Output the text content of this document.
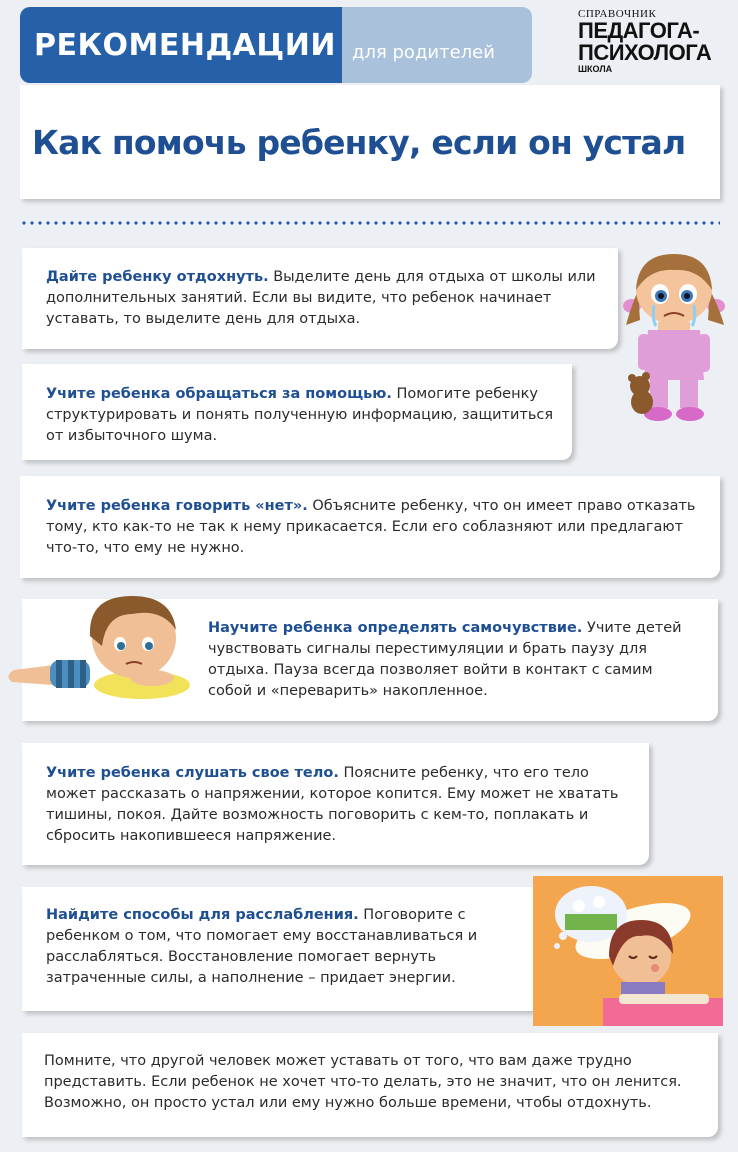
РЕКОМЕНДАЦИИ для родителей
СПРАВОЧНИК
ПЕДАГОГА-
ПСИХОЛОГА
ШКОЛА
Как помочь ребенку, если он устал
Дайте ребенку отдохнуть. Выделите день для отдыха от школы или дополнительных занятий. Если вы видите, что ребенок начинает уставать, то выделите день для отдыха.
Учите ребенка обращаться за помощью. Помогите ребенку структурировать и понять полученную информацию, защититься от избыточного шума.
Учите ребенка говорить «нет». Объясните ребенку, что он имеет право отказать тому, кто как-то не так к нему прикасается. Если его соблазняют или предлагают что-то, что ему не нужно.
Научите ребенка определять самочувствие. Учите детей чувствовать сигналы перестимуляции и брать паузу для отдыха. Пауза всегда позволяет войти в контакт с самим собой и «переварить» накопленное.
Учите ребенка слушать свое тело. Поясните ребенку, что его тело может рассказать о напряжении, которое копится. Ему может не хватать тишины, покоя. Дайте возможность поговорить с кем-то, поплакать и сбросить накопившееся напряжение.
Найдите способы для расслабления. Поговорите с ребенком о том, что помогает ему восстанавливаться и расслабляться. Восстановление помогает вернуть затраченные силы, а наполнение – придает энергии.
Помните, что другой человек может уставать от того, что вам даже трудно представить. Если ребенок не хочет что-то делать, это не значит, что он ленится. Возможно, он просто устал или ему нужно больше времени, чтобы отдохнуть.
